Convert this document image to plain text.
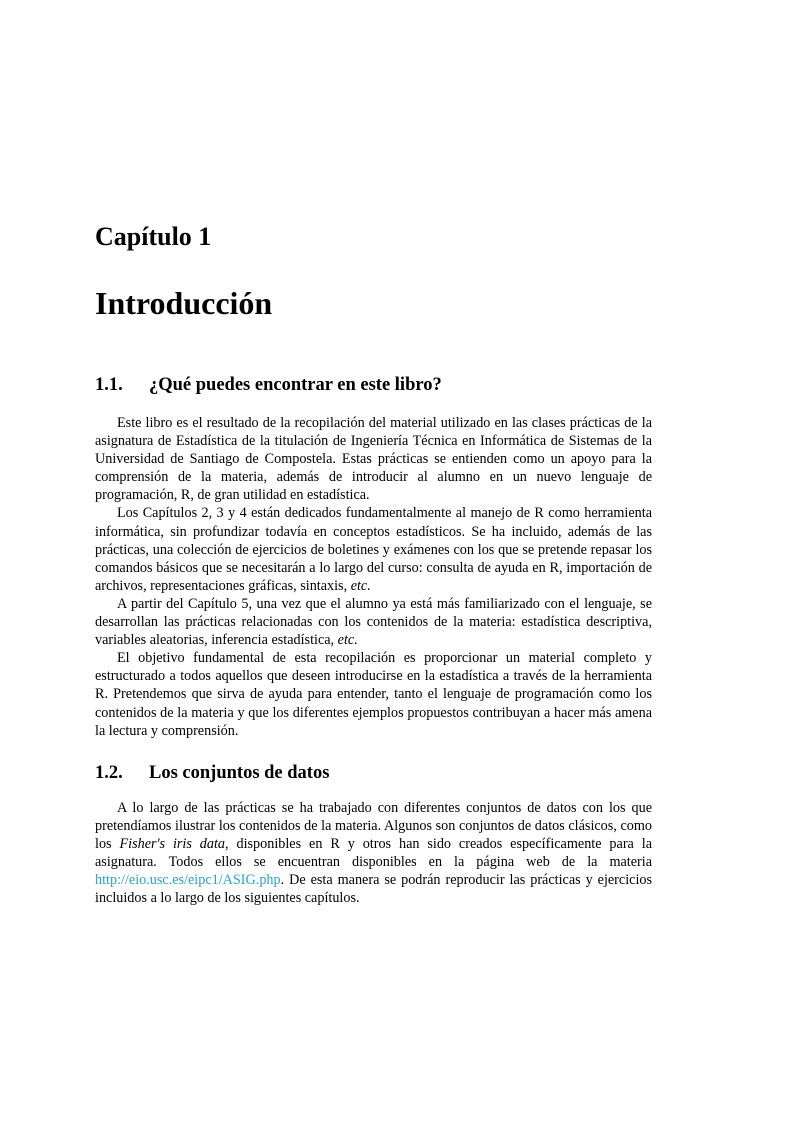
Capítulo 1
Introducción
1.1. ¿Qué puedes encontrar en este libro?

Este libro es el resultado de la recopilación del material utilizado en las clases prácticas de la asignatura de Estadística de la titulación de Ingeniería Técnica en Informática de Sistemas de la Universidad de Santiago de Compostela. Estas prácticas se entienden como un apoyo para la comprensión de la materia, además de introducir al alumno en un nuevo lenguaje de programación, R, de gran utilidad en estadística.

Los Capítulos 2, 3 y 4 están dedicados fundamentalmente al manejo de R como herramienta informática, sin profundizar todavía en conceptos estadísticos. Se ha incluido, además de las prácticas, una colección de ejercicios de boletines y exámenes con los que se pretende repasar los comandos básicos que se necesitarán a lo largo del curso: consulta de ayuda en R, importación de archivos, representaciones gráficas, sintaxis, etc.

A partir del Capítulo 5, una vez que el alumno ya está más familiarizado con el lenguaje, se desarrollan las prácticas relacionadas con los contenidos de la materia: estadística descriptiva, variables aleatorias, inferencia estadística, etc.

El objetivo fundamental de esta recopilación es proporcionar un material completo y estructurado a todos aquellos que deseen introducirse en la estadística a través de la herramienta R. Pretendemos que sirva de ayuda para entender, tanto el lenguaje de programación como los contenidos de la materia y que los diferentes ejemplos propuestos contribuyan a hacer más amena la lectura y comprensión.

1.2. Los conjuntos de datos

A lo largo de las prácticas se ha trabajado con diferentes conjuntos de datos con los que pretendíamos ilustrar los contenidos de la materia. Algunos son conjuntos de datos clásicos, como los Fisher's iris data, disponibles en R y otros han sido creados específicamente para la asignatura. Todos ellos se encuentran disponibles en la página web de la materia http://eio.usc.es/eipc1/ASIG.php. De esta manera se podrán reproducir las prácticas y ejercicios incluidos a lo largo de los siguientes capítulos.
